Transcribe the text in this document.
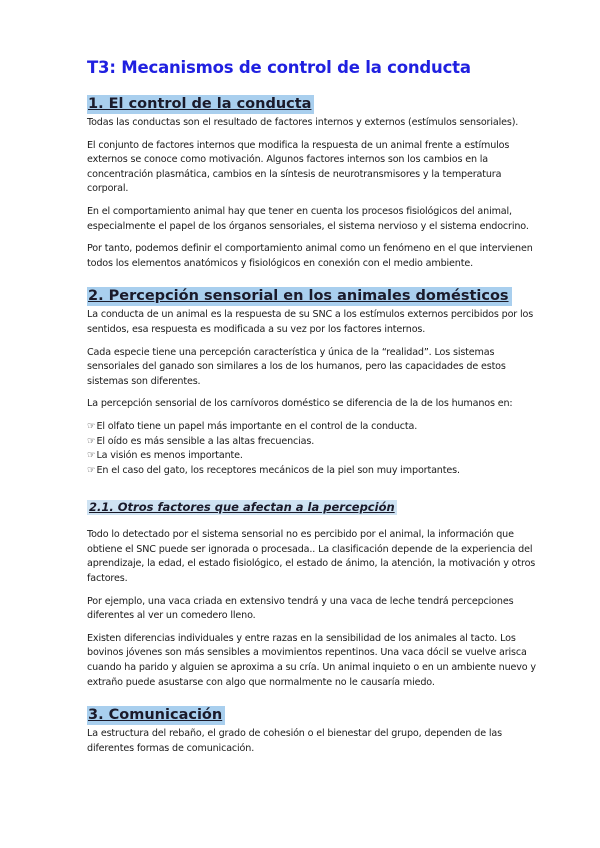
T3: Mecanismos de control de la conducta
1. El control de la conducta

Todas las conductas son el resultado de factores internos y externos (estímulos sensoriales).

El conjunto de factores internos que modifica la respuesta de un animal frente a estímulos externos se conoce como motivación. Algunos factores internos son los cambios en la concentración plasmática, cambios en la síntesis de neurotransmisores y la temperatura corporal.

En el comportamiento animal hay que tener en cuenta los procesos fisiológicos del animal, especialmente el papel de los órganos sensoriales, el sistema nervioso y el sistema endocrino.

Por tanto, podemos definir el comportamiento animal como un fenómeno en el que intervienen todos los elementos anatómicos y fisiológicos en conexión con el medio ambiente.

2. Percepción sensorial en los animales domésticos

La conducta de un animal es la respuesta de su SNC a los estímulos externos percibidos por los sentidos, esa respuesta es modificada a su vez por los factores internos.

Cada especie tiene una percepción característica y única de la “realidad”. Los sistemas sensoriales del ganado son similares a los de los humanos, pero las capacidades de estos sistemas son diferentes.

La percepción sensorial de los carnívoros doméstico se diferencia de la de los humanos en:

☞El olfato tiene un papel más importante en el control de la conducta.
☞El oído es más sensible a las altas frecuencias.
☞La visión es menos importante.
☞En el caso del gato, los receptores mecánicos de la piel son muy importantes.
2.1. Otros factores que afectan a la percepción

Todo lo detectado por el sistema sensorial no es percibido por el animal, la información que obtiene el SNC puede ser ignorada o procesada.. La clasificación depende de la experiencia del aprendizaje, la edad, el estado fisiológico, el estado de ánimo, la atención, la motivación y otros factores.

Por ejemplo, una vaca criada en extensivo tendrá y una vaca de leche tendrá percepciones diferentes al ver un comedero lleno.

Existen diferencias individuales y entre razas en la sensibilidad de los animales al tacto. Los bovinos jóvenes son más sensibles a movimientos repentinos. Una vaca dócil se vuelve arisca cuando ha parido y alguien se aproxima a su cría. Un animal inquieto o en un ambiente nuevo y extraño puede asustarse con algo que normalmente no le causaría miedo.

3. Comunicación

La estructura del rebaño, el grado de cohesión o el bienestar del grupo, dependen de las diferentes formas de comunicación.
